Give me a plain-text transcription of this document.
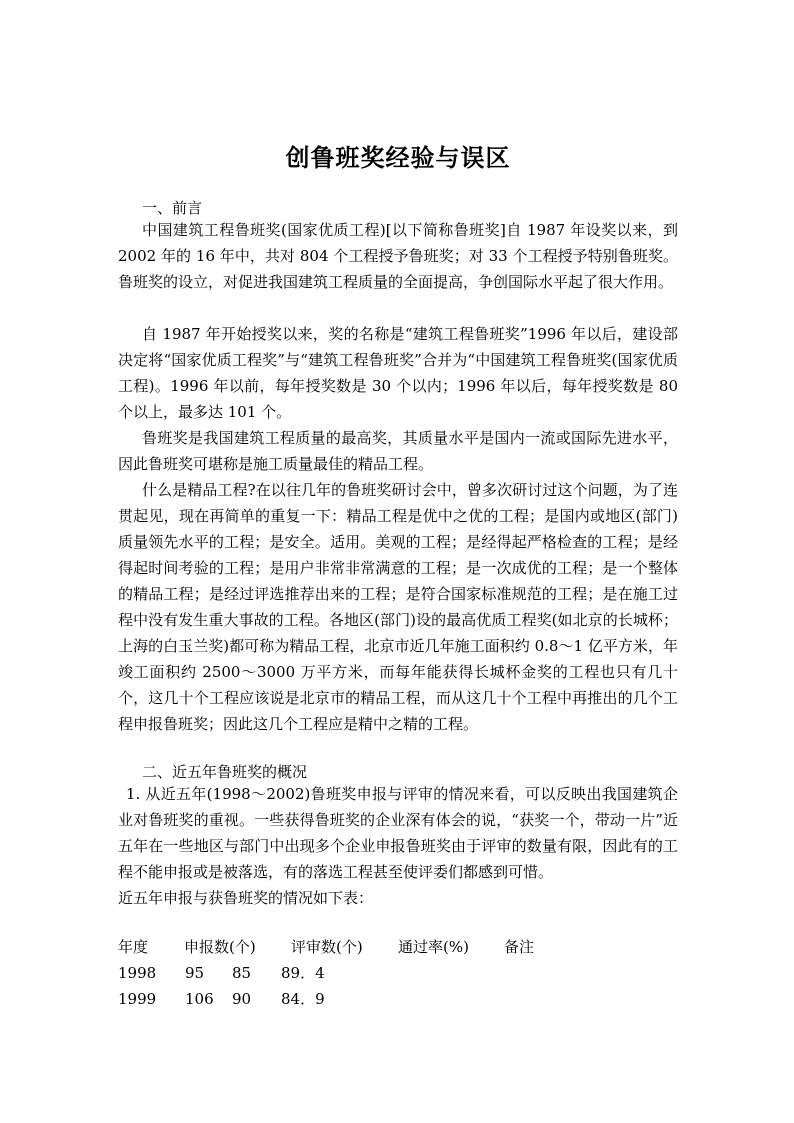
创鲁班奖经验与误区
一、前言

中国建筑工程鲁班奖(国家优质工程)[以下简称鲁班奖]自 1987 年设奖以来，到 2002 年的 16 年中，共对 804 个工程授予鲁班奖；对 33 个工程授予特别鲁班奖。鲁班奖的设立，对促进我国建筑工程质量的全面提高，争创国际水平起了很大作用。

自 1987 年开始授奖以来，奖的名称是“建筑工程鲁班奖”1996 年以后，建设部决定将“国家优质工程奖”与“建筑工程鲁班奖”合并为“中国建筑工程鲁班奖(国家优质工程)。1996 年以前，每年授奖数是 30 个以内；1996 年以后，每年授奖数是 80 个以上，最多达 101 个。

鲁班奖是我国建筑工程质量的最高奖，其质量水平是国内一流或国际先进水平，因此鲁班奖可堪称是施工质量最佳的精品工程。

什么是精品工程?在以往几年的鲁班奖研讨会中，曾多次研讨过这个问题，为了连贯起见，现在再简单的重复一下：精品工程是优中之优的工程；是国内或地区(部门)质量领先水平的工程；是安全。适用。美观的工程；是经得起严格检查的工程；是经得起时间考验的工程；是用户非常非常满意的工程；是一次成优的工程；是一个整体的精品工程；是经过评选推荐出来的工程；是符合国家标准规范的工程；是在施工过程中没有发生重大事故的工程。各地区(部门)设的最高优质工程奖(如北京的长城杯；上海的白玉兰奖)都可称为精品工程，北京市近几年施工面积约 0.8～1 亿平方米，年竣工面积约 2500～3000 万平方米，而每年能获得长城杯金奖的工程也只有几十个，这几十个工程应该说是北京市的精品工程，而从这几十个工程中再推出的几个工程申报鲁班奖；因此这几个工程应是精中之精的工程。

二、近五年鲁班奖的概况

1. 从近五年(1998～2002)鲁班奖申报与评审的情况来看，可以反映出我国建筑企业对鲁班奖的重视。一些获得鲁班奖的企业深有体会的说，“获奖一个，带动一片”近五年在一些地区与部门中出现多个企业申报鲁班奖由于评审的数量有限，因此有的工程不能申报或是被落选，有的落选工程甚至使评委们都感到可惜。

近五年申报与获鲁班奖的情况如下表：

年度 申报数(个) 评审数(个) 通过率(%) 备注
1998 95 85 89．4
1999 106 90 84．9
